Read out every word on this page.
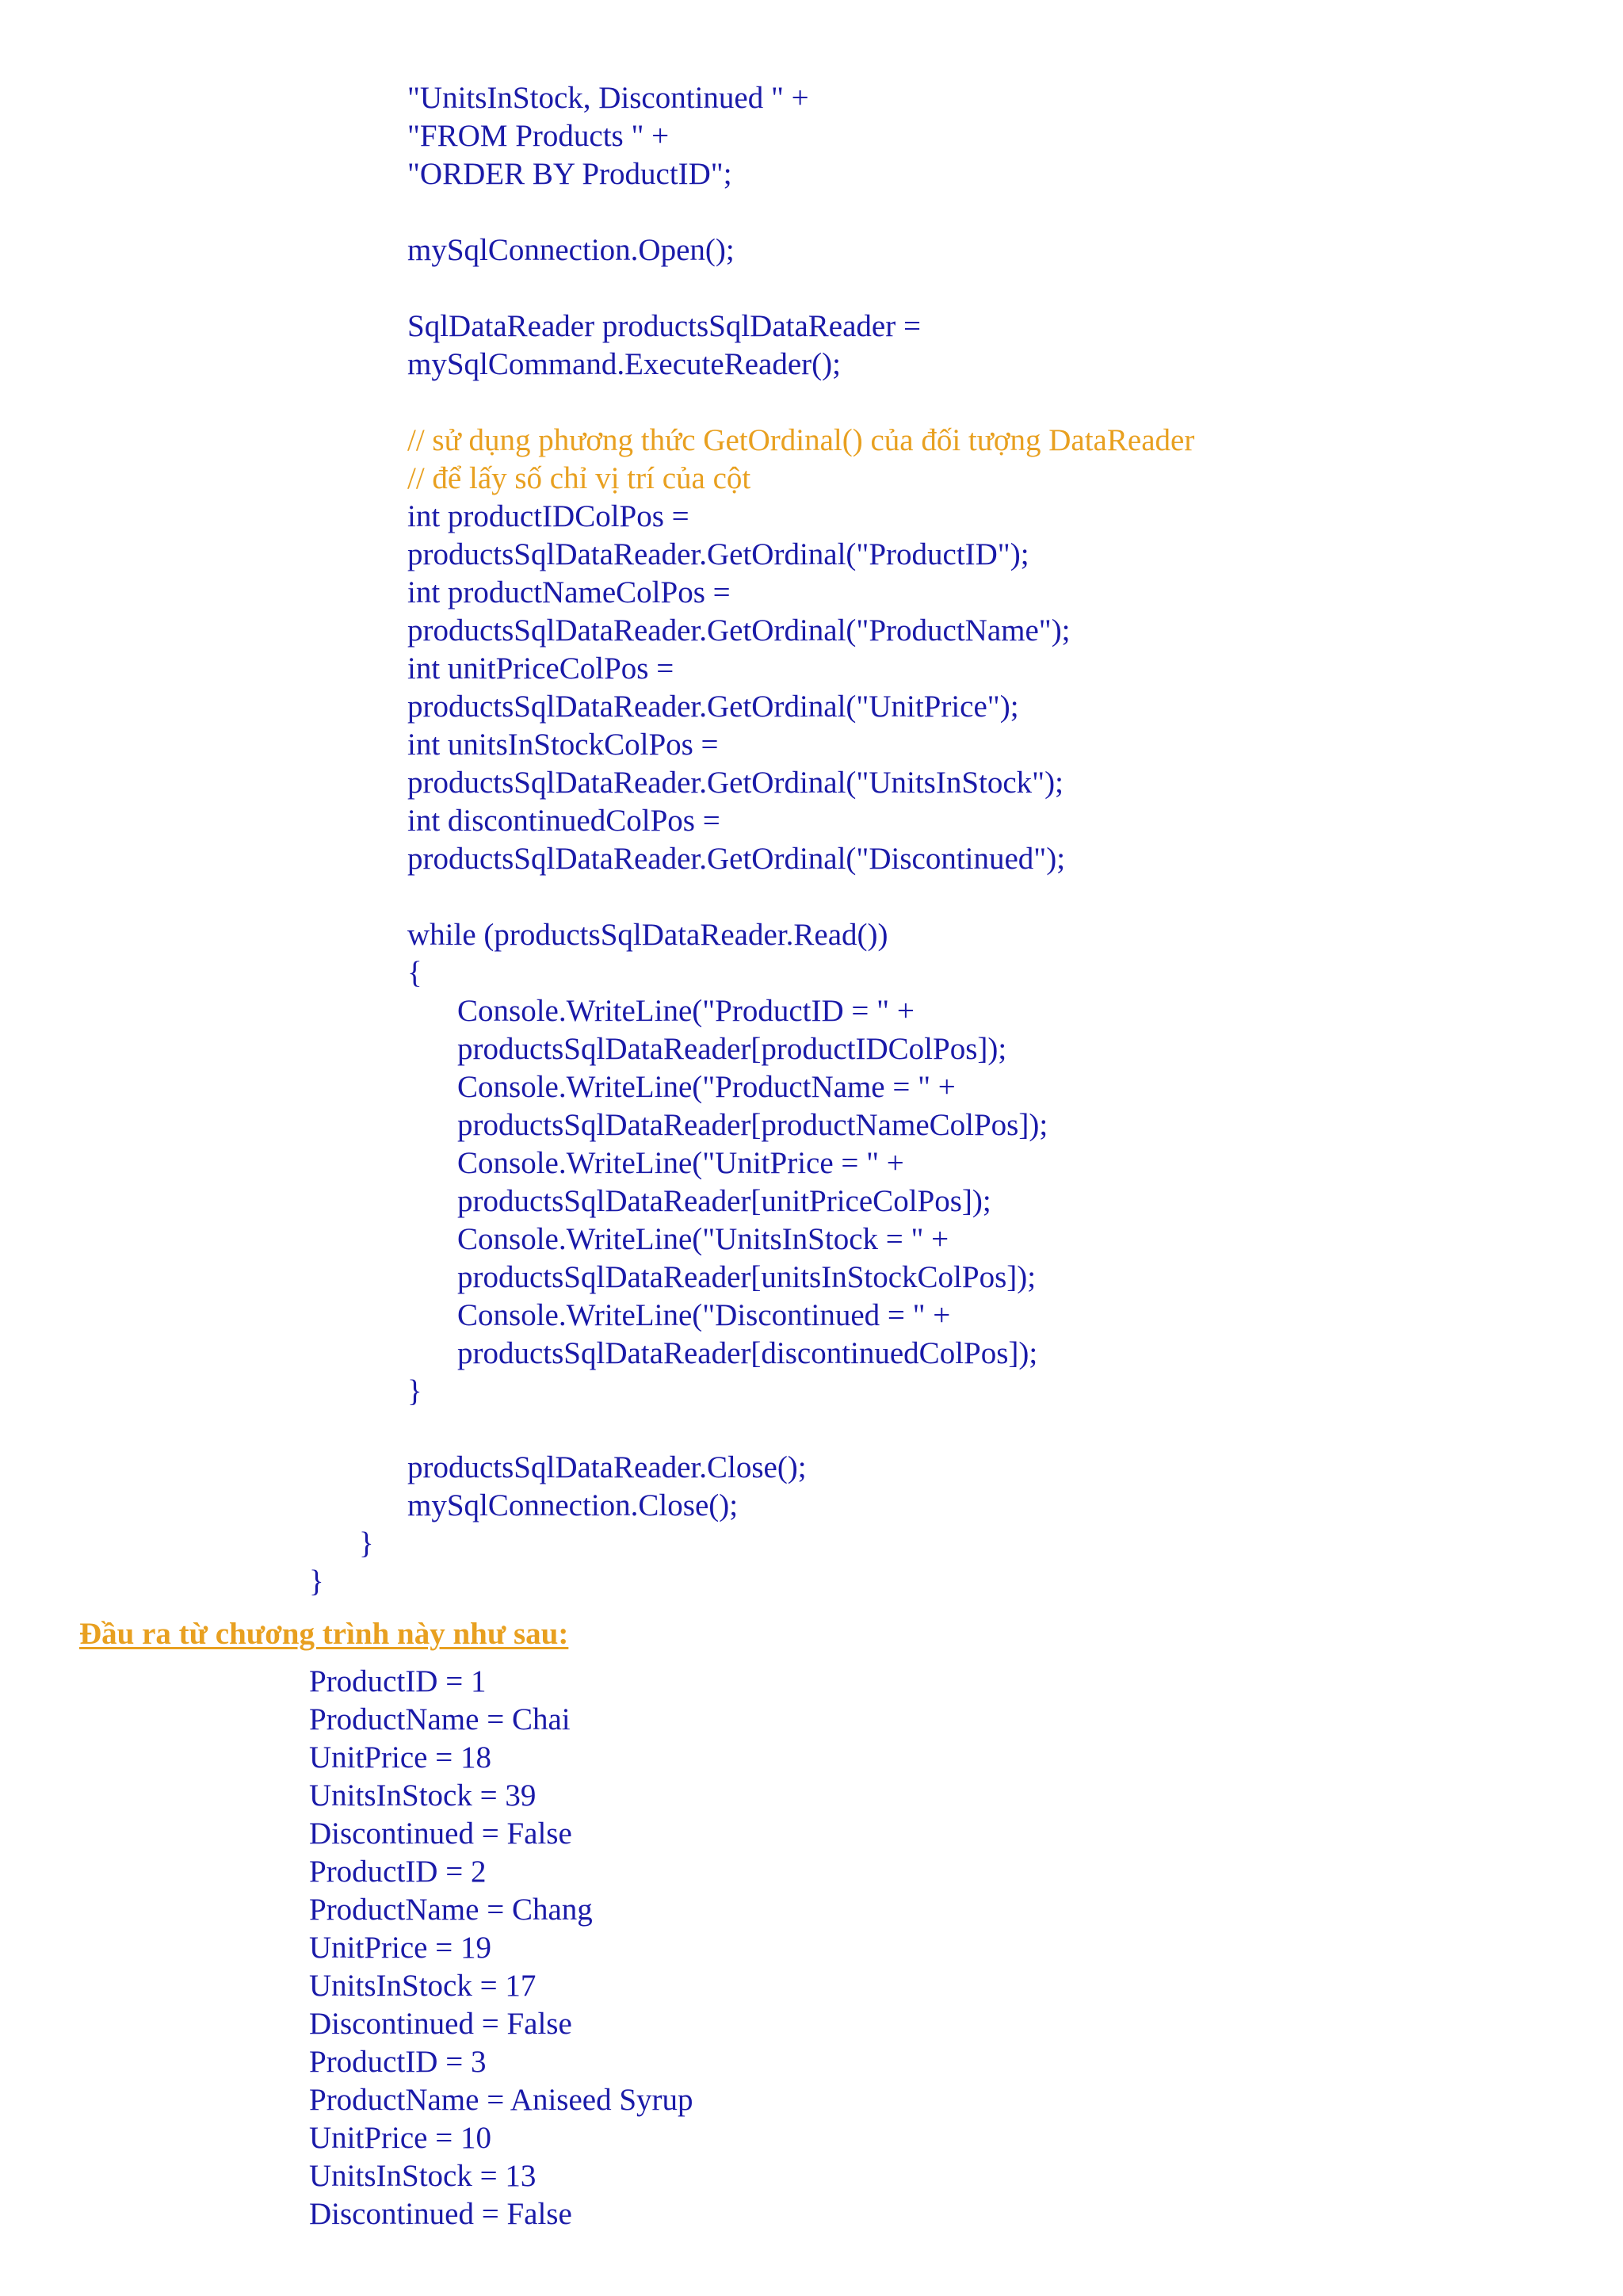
"UnitsInStock, Discontinued " +
"FROM Products " +
"ORDER BY ProductID";
mySqlConnection.Open();
SqlDataReader productsSqlDataReader =
mySqlCommand.ExecuteReader();
// sử dụng phương thức GetOrdinal() của đối tượng DataReader
// để lấy số chỉ vị trí của cột
int productIDColPos =
productsSqlDataReader.GetOrdinal("ProductID");
int productNameColPos =
productsSqlDataReader.GetOrdinal("ProductName");
int unitPriceColPos =
productsSqlDataReader.GetOrdinal("UnitPrice");
int unitsInStockColPos =
productsSqlDataReader.GetOrdinal("UnitsInStock");
int discontinuedColPos =
productsSqlDataReader.GetOrdinal("Discontinued");
while (productsSqlDataReader.Read())
{
Console.WriteLine("ProductID = " +
productsSqlDataReader[productIDColPos]);
Console.WriteLine("ProductName = " +
productsSqlDataReader[productNameColPos]);
Console.WriteLine("UnitPrice = " +
productsSqlDataReader[unitPriceColPos]);
Console.WriteLine("UnitsInStock = " +
productsSqlDataReader[unitsInStockColPos]);
Console.WriteLine("Discontinued = " +
productsSqlDataReader[discontinuedColPos]);
}
productsSqlDataReader.Close();
mySqlConnection.Close();
}
}
Đầu ra từ chương trình này như sau:
ProductID = 1
ProductName = Chai
UnitPrice = 18
UnitsInStock = 39
Discontinued = False
ProductID = 2
ProductName = Chang
UnitPrice = 19
UnitsInStock = 17
Discontinued = False
ProductID = 3
ProductName = Aniseed Syrup
UnitPrice = 10
UnitsInStock = 13
Discontinued = False
